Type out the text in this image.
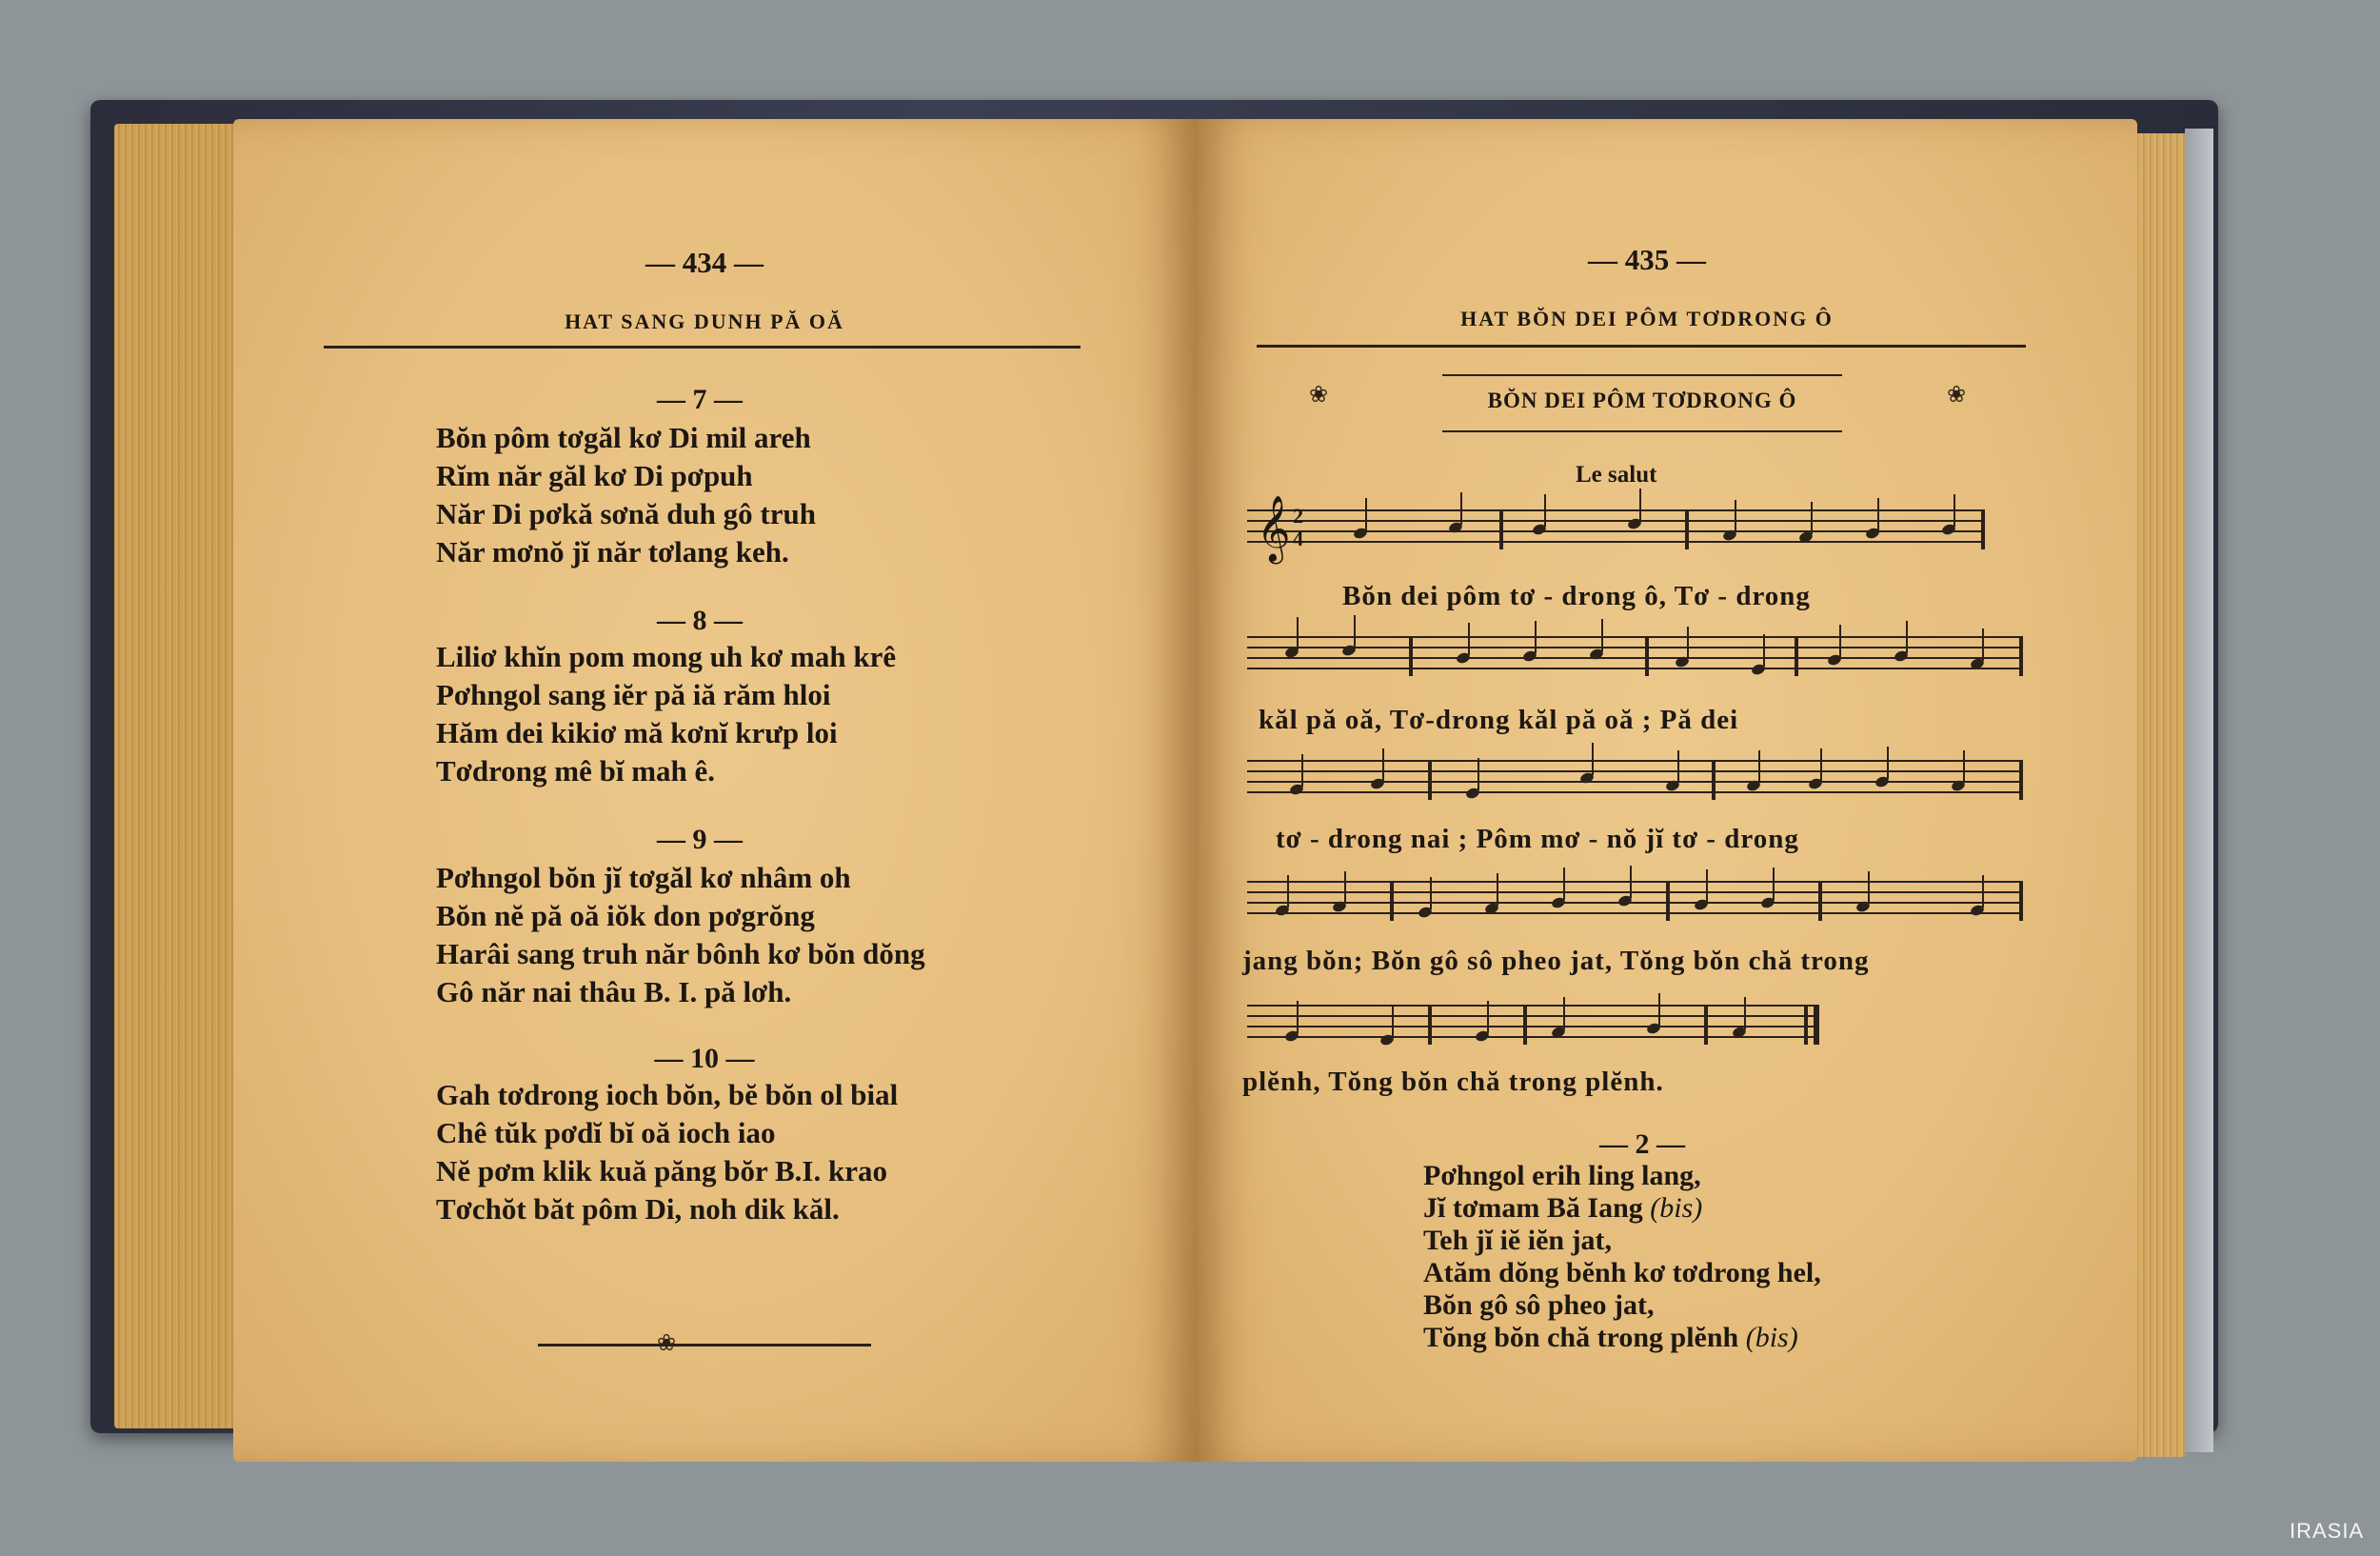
— 434 —
HAT SANG DUNH PĂ OĂ
— 7 —
Bŏn pôm tơgăl kơ Di mil areh
Rĭm năr găl kơ Di pơpuh
Năr Di pơkă sơnă duh gô truh
Năr mơnŏ jĭ năr tơlang keh.
— 8 —
Liliơ khĭn pom mong uh kơ mah krê
Pơhngol sang iĕr pă iă răm hloi
Hăm dei kikiơ mă kơnĭ krưp loi
Tơdrong mê bĭ mah ê.
— 9 —
Pơhngol bŏn jĭ tơgăl kơ nhâm oh
Bŏn nĕ pă oă iŏk don pơgrŏng
Harâi sang truh năr bônh kơ bŏn dŏng
Gô năr nai thâu B. I. pă lơh.
— 10 —
Gah tơdrong ioch bŏn, bĕ bŏn ol bial
Chê tŭk pơdĭ bĭ oă ioch iao
Nĕ pơm klik kuă păng bŏr B.I. krao
Tơchŏt băt pôm Di, noh dik kăl.
❀
— 435 —
HAT BŎN DEI PÔM TƠDRONG Ô
❀	BŎN DEI PÔM TƠDRONG Ô	❀
Le salut
𝄞 2
4
Bŏn dei pôm tơ - drong ô, Tơ - drong
kăl pă oă, Tơ-drong kăl pă oă ; Pă dei
tơ - drong nai ; Pôm mơ - nŏ jĭ tơ - drong
jang bŏn; Bŏn gô sô pheo jat, Tŏng bŏn chă trong
plĕnh, Tŏng bŏn chă trong plĕnh.
— 2 —
Pơhngol erih ling lang,
Jĭ tơmam Bă Iang (bis)
Teh jĭ iĕ iĕn jat,
Atăm dŏng bĕnh kơ tơdrong hel,
Bŏn gô sô pheo jat,
Tŏng bŏn chă trong plĕnh (bis)
IRASIA
